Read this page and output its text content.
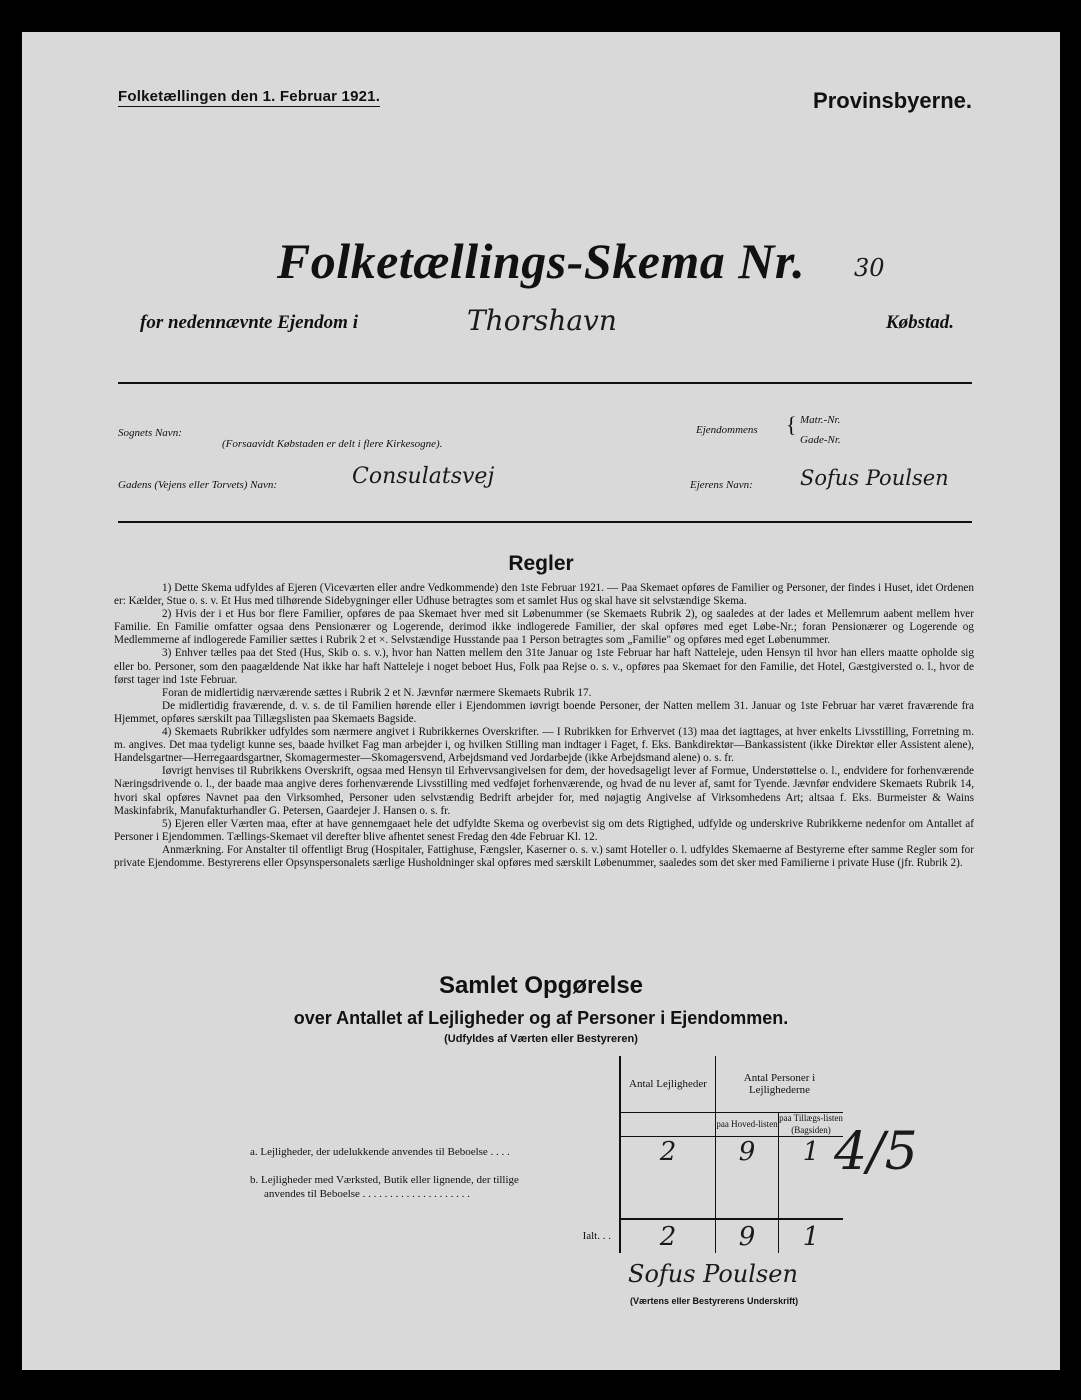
Folketællingen den 1. Februar 1921.	Provinsbyerne.
Folketællings-Skema Nr.	30
for nedennævnte Ejendom i	Thorshavn	Købstad.
Sognets Navn:
(Forsaavidt Købstaden er delt i flere Kirkesogne).
Ejendommens { Matr.-Nr.
Gade-Nr.
Gadens (Vejens eller Torvets) Navn:	Consulatsvej	Ejerens Navn: Sofus Poulsen
Regler

1) Dette Skema udfyldes af Ejeren (Viceværten eller andre Vedkommende) den 1ste Februar 1921. — Paa Skemaet opføres de Familier og Personer, der findes i Huset, idet Ordenen er: Kælder, Stue o. s. v. Et Hus med tilhørende Sidebygninger eller Udhuse betragtes som et samlet Hus og skal have sit selvstændige Skema.

2) Hvis der i et Hus bor flere Familier, opføres de paa Skemaet hver med sit Løbenummer (se Skemaets Rubrik 2), og saaledes at der lades et Mellemrum aabent mellem hver Familie. En Familie omfatter ogsaa dens Pensionærer og Logerende, derimod ikke indlogerede Familier, der skal opføres med eget Løbe-Nr.; foran Pensionærer og Logerende og Medlemmerne af indlogerede Familier sættes i Rubrik 2 et ×. Selvstændige Husstande paa 1 Person betragtes som „Familie" og opføres med eget Løbenummer.

3) Enhver tælles paa det Sted (Hus, Skib o. s. v.), hvor han Natten mellem den 31te Januar og 1ste Februar har haft Natteleje, uden Hensyn til hvor han ellers maatte opholde sig eller bo. Personer, som den paagældende Nat ikke har haft Natteleje i noget beboet Hus, Folk paa Rejse o. s. v., opføres paa Skemaet for den Familie, det Hotel, Gæstgiversted o. l., hvor de først tager ind 1ste Februar.

Foran de midlertidig nærværende sættes i Rubrik 2 et N. Jævnfør nærmere Skemaets Rubrik 17.

De midlertidig fraværende, d. v. s. de til Familien hørende eller i Ejendommen iøvrigt boende Personer, der Natten mellem 31. Januar og 1ste Februar har været fraværende fra Hjemmet, opføres særskilt paa Tillægslisten paa Skemaets Bagside.

4) Skemaets Rubrikker udfyldes som nærmere angivet i Rubrikkernes Overskrifter. — I Rubrikken for Erhvervet (13) maa det iagttages, at hver enkelts Livsstilling, Forretning m. m. angives. Det maa tydeligt kunne ses, baade hvilket Fag man arbejder i, og hvilken Stilling man indtager i Faget, f. Eks. Bankdirektør—Bankassistent (ikke Direktør eller Assistent alene), Handelsgartner—Herregaardsgartner, Skomagermester—Skomagersvend, Arbejdsmand ved Jordarbejde (ikke Arbejdsmand alene) o. s. fr.

Iøvrigt henvises til Rubrikkens Overskrift, ogsaa med Hensyn til Erhvervsangivelsen for dem, der hovedsageligt lever af Formue, Understøttelse o. l., endvidere for forhenværende Næringsdrivende o. l., der baade maa angive deres forhenværende Livsstilling med vedføjet forhenværende, og hvad de nu lever af, samt for Tyende. Jævnfør endvidere Skemaets Rubrik 14, hvori skal opføres Navnet paa den Virksomhed, Personer uden selvstændig Bedrift arbejder for, med nøjagtig Angivelse af Virksomhedens Art; altsaa f. Eks. Burmeister & Wains Maskinfabrik, Manufakturhandler G. Petersen, Gaardejer J. Hansen o. s. fr.

5) Ejeren eller Værten maa, efter at have gennemgaaet hele det udfyldte Skema og overbevist sig om dets Rigtighed, udfylde og underskrive Rubrikkerne nedenfor om Antallet af Personer i Ejendommen. Tællings-Skemaet vil derefter blive afhentet senest Fredag den 4de Februar Kl. 12.

Anmærkning. For Anstalter til offentligt Brug (Hospitaler, Fattighuse, Fængsler, Kaserner o. s. v.) samt Hoteller o. l. udfyldes Skemaerne af Bestyrerne efter samme Regler som for private Ejendomme. Bestyrerens eller Opsynspersonalets særlige Husholdninger skal opføres med særskilt Løbenummer, saaledes som det sker med Familierne i private Huse (jfr. Rubrik 2).

Samlet Opgørelse
over Antallet af Lejligheder og af Personer i Ejendommen.
(Udfyldes af Værten eller Bestyreren)
	Antal Lejligheder	Antal Personer i Lejlighederne	

		paa Hoved-listen	paa Tillægs-listen (Bagsiden)
a. Lejligheder, der udelukkende anvendes til Beboelse . . . .	2	9	1

b. Lejligheder med Værksted, Butik eller lignende, der tillige
anvendes til Beboelse . . . . . . . . . . . . . . . . . . . .			

Ialt. . .	2	9	1
4/5
Sofus Poulsen
(Værtens eller Bestyrerens Underskrift)
